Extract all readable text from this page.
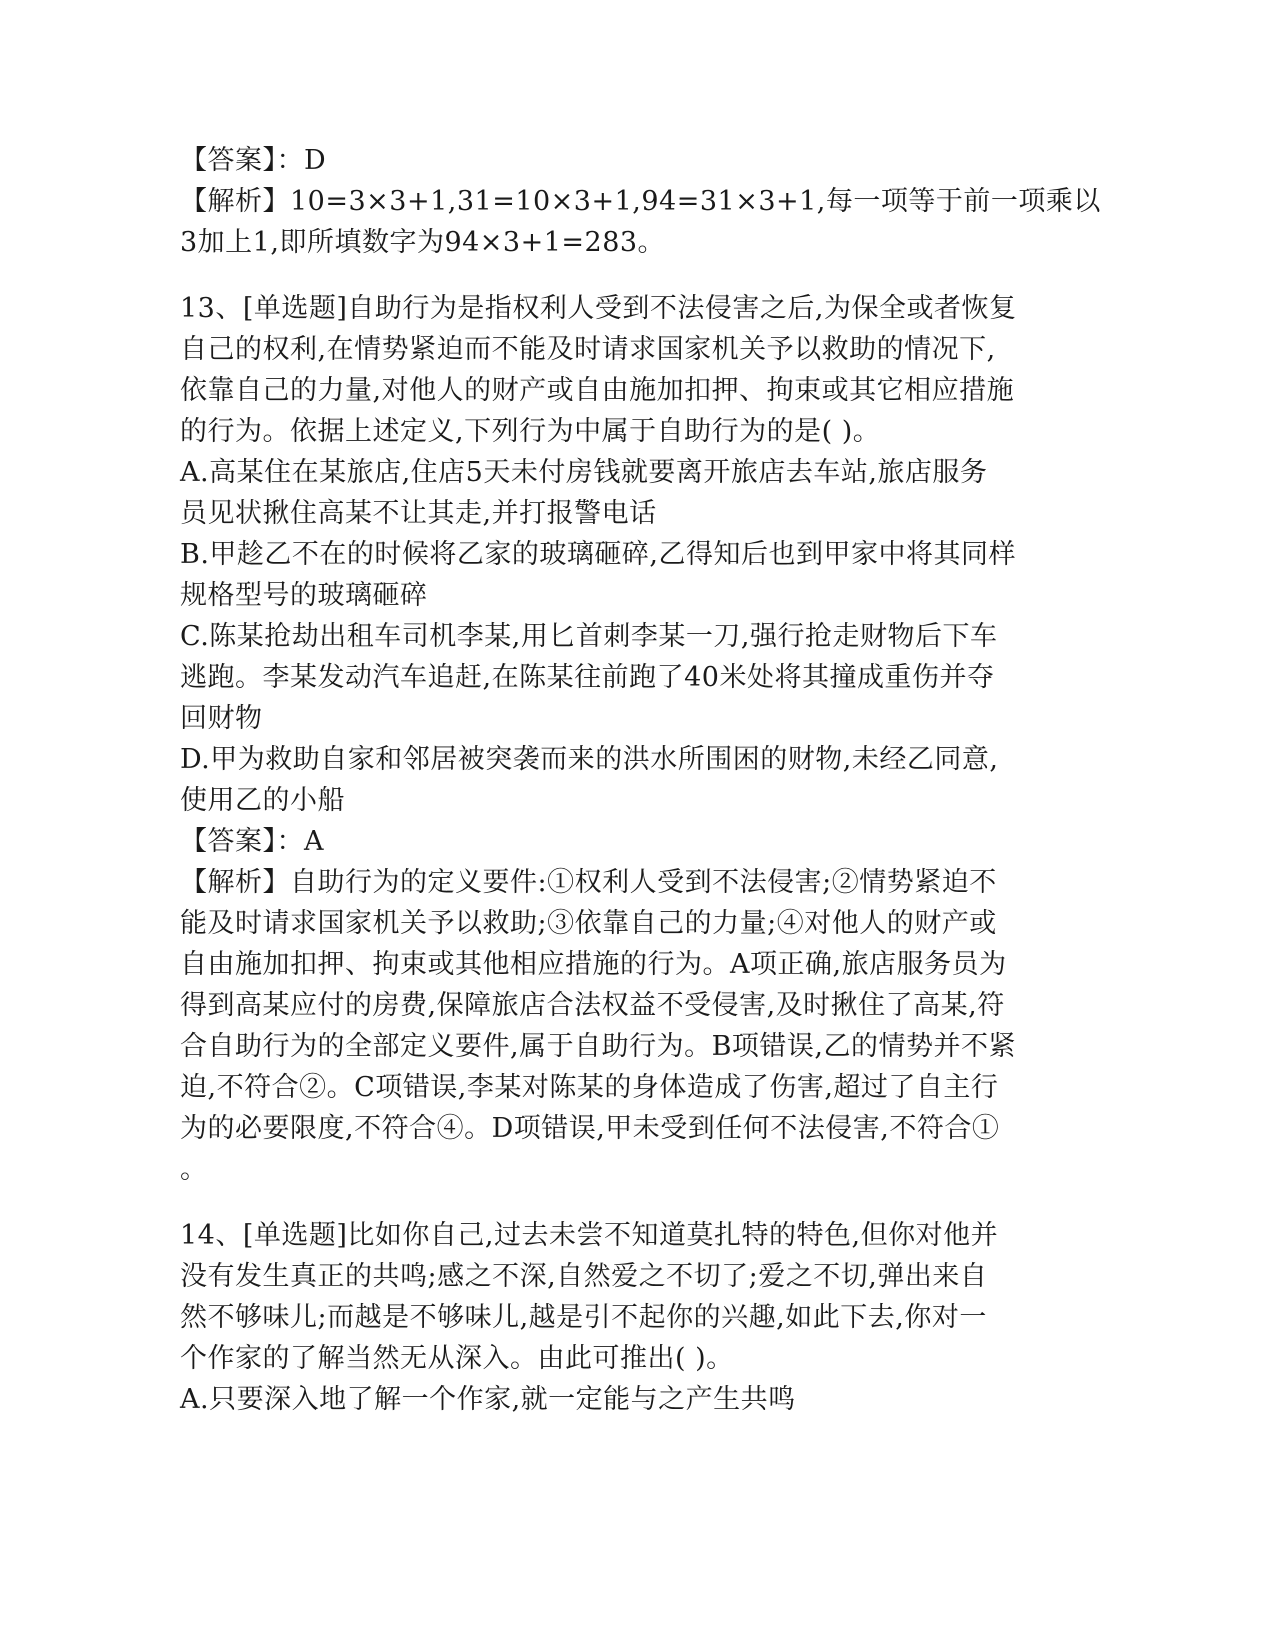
【答案】：D
【解析】10=3×3+1,31=10×3+1,94=31×3+1,每一项等于前一项乘以
3加上1,即所填数字为94×3+1=283。
13、[单选题]自助行为是指权利人受到不法侵害之后,为保全或者恢复
自己的权利,在情势紧迫而不能及时请求国家机关予以救助的情况下,
依靠自己的力量,对他人的财产或自由施加扣押、拘束或其它相应措施
的行为。依据上述定义,下列行为中属于自助行为的是( )。
A.高某住在某旅店,住店5天未付房钱就要离开旅店去车站,旅店服务
员见状揪住高某不让其走,并打报警电话
B.甲趁乙不在的时候将乙家的玻璃砸碎,乙得知后也到甲家中将其同样
规格型号的玻璃砸碎
C.陈某抢劫出租车司机李某,用匕首刺李某一刀,强行抢走财物后下车
逃跑。李某发动汽车追赶,在陈某往前跑了40米处将其撞成重伤并夺
回财物
D.甲为救助自家和邻居被突袭而来的洪水所围困的财物,未经乙同意,
使用乙的小船
【答案】：A
【解析】自助行为的定义要件:①权利人受到不法侵害;②情势紧迫不
能及时请求国家机关予以救助;③依靠自己的力量;④对他人的财产或
自由施加扣押、拘束或其他相应措施的行为。A项正确,旅店服务员为
得到高某应付的房费,保障旅店合法权益不受侵害,及时揪住了高某,符
合自助行为的全部定义要件,属于自助行为。B项错误,乙的情势并不紧
迫,不符合②。C项错误,李某对陈某的身体造成了伤害,超过了自主行
为的必要限度,不符合④。D项错误,甲未受到任何不法侵害,不符合①
。
14、[单选题]比如你自己,过去未尝不知道莫扎特的特色,但你对他并
没有发生真正的共鸣;感之不深,自然爱之不切了;爱之不切,弹出来自
然不够味儿;而越是不够味儿,越是引不起你的兴趣,如此下去,你对一
个作家的了解当然无从深入。由此可推出( )。
A.只要深入地了解一个作家,就一定能与之产生共鸣
